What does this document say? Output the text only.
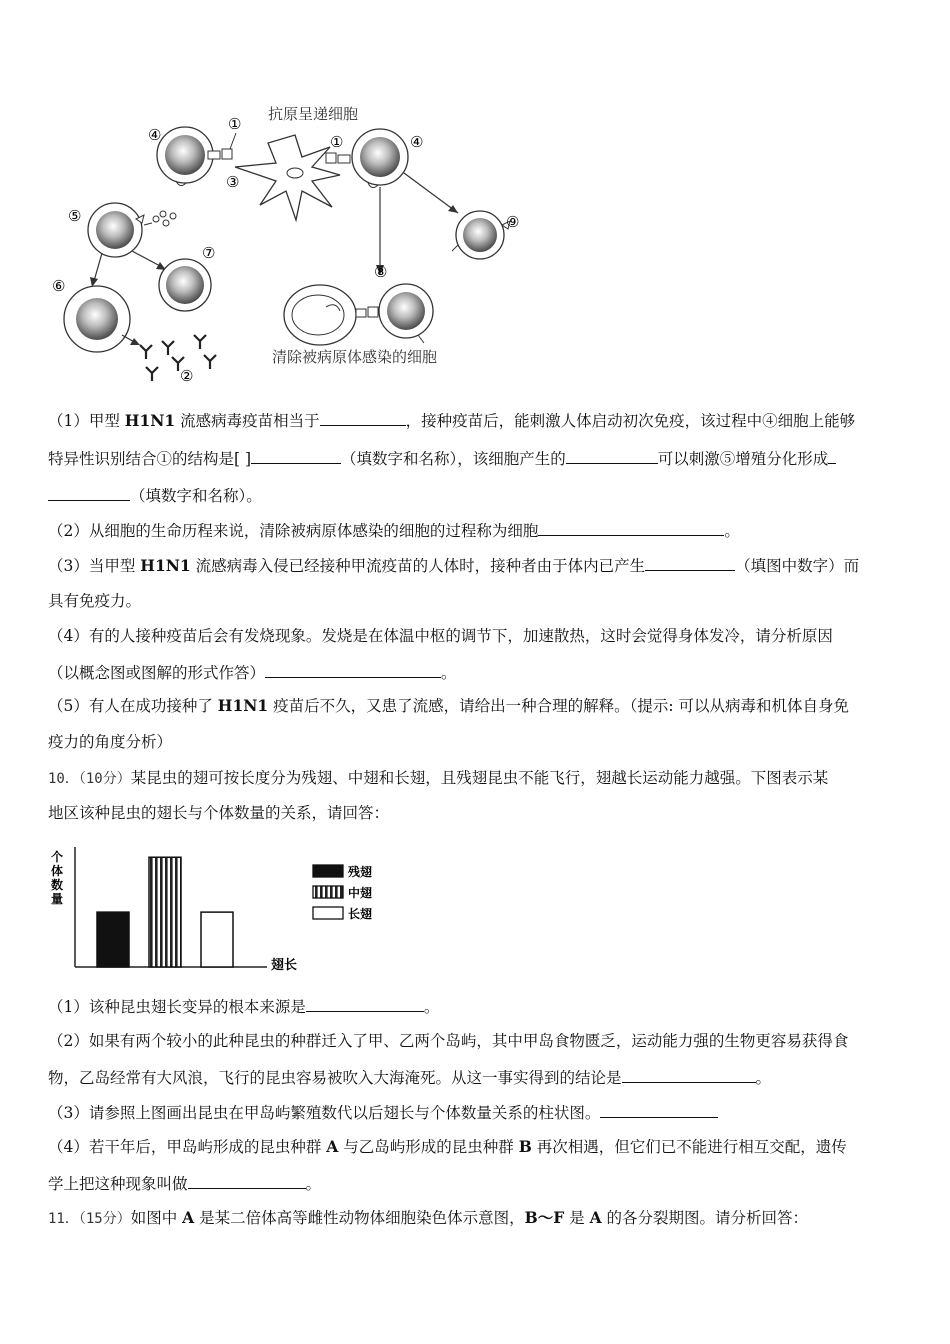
抗原呈递细胞
④
①
③
①	④
⑨
⑧
清除被病原体感染的细胞
⑤
⑦
⑥
②
（1）甲型 H1N1 流感病毒疫苗相当于	，接种疫苗后，能刺激人体启动初次免疫，该过程中④细胞上能够
特异性识别结合①的结构是[ ]	（填数字和名称），该细胞产生的	可以刺激⑤增殖分化形成
（填数字和名称）。
（2）从细胞的生命历程来说，清除被病原体感染的细胞的过程称为细胞	。
（3）当甲型 H1N1 流感病毒入侵已经接种甲流疫苗的人体时，接种者由于体内已产生	（填图中数字）而
具有免疫力。
（4）有的人接种疫苗后会有发烧现象。发烧是在体温中枢的调节下，加速散热，这时会觉得身体发冷，请分析原因
（以概念图或图解的形式作答）	。
（5）有人在成功接种了 H1N1 疫苗后不久，又患了流感，请给出一种合理的解释。（提示: 可以从病毒和机体自身免
疫力的角度分析）
10．（10分）某昆虫的翅可按长度分为残翅、中翅和长翅，且残翅昆虫不能飞行，翅越长运动能力越强。下图表示某
地区该种昆虫的翅长与个体数量的关系，请回答：
个
体
数
量
翅长
残翅
中翅
长翅
（1）该种昆虫翅长变异的根本来源是	。
（2）如果有两个较小的此种昆虫的种群迁入了甲、乙两个岛屿，其中甲岛食物匮乏，运动能力强的生物更容易获得食
物，乙岛经常有大风浪，飞行的昆虫容易被吹入大海淹死。从这一事实得到的结论是	。
（3）请参照上图画出昆虫在甲岛屿繁殖数代以后翅长与个体数量关系的柱状图。
（4）若干年后，甲岛屿形成的昆虫种群 A 与乙岛屿形成的昆虫种群 B 再次相遇，但它们已不能进行相互交配，遗传
学上把这种现象叫做	。
11．（15分）如图中 A 是某二倍体高等雌性动物体细胞染色体示意图，B～F 是 A 的各分裂期图。请分析回答：
